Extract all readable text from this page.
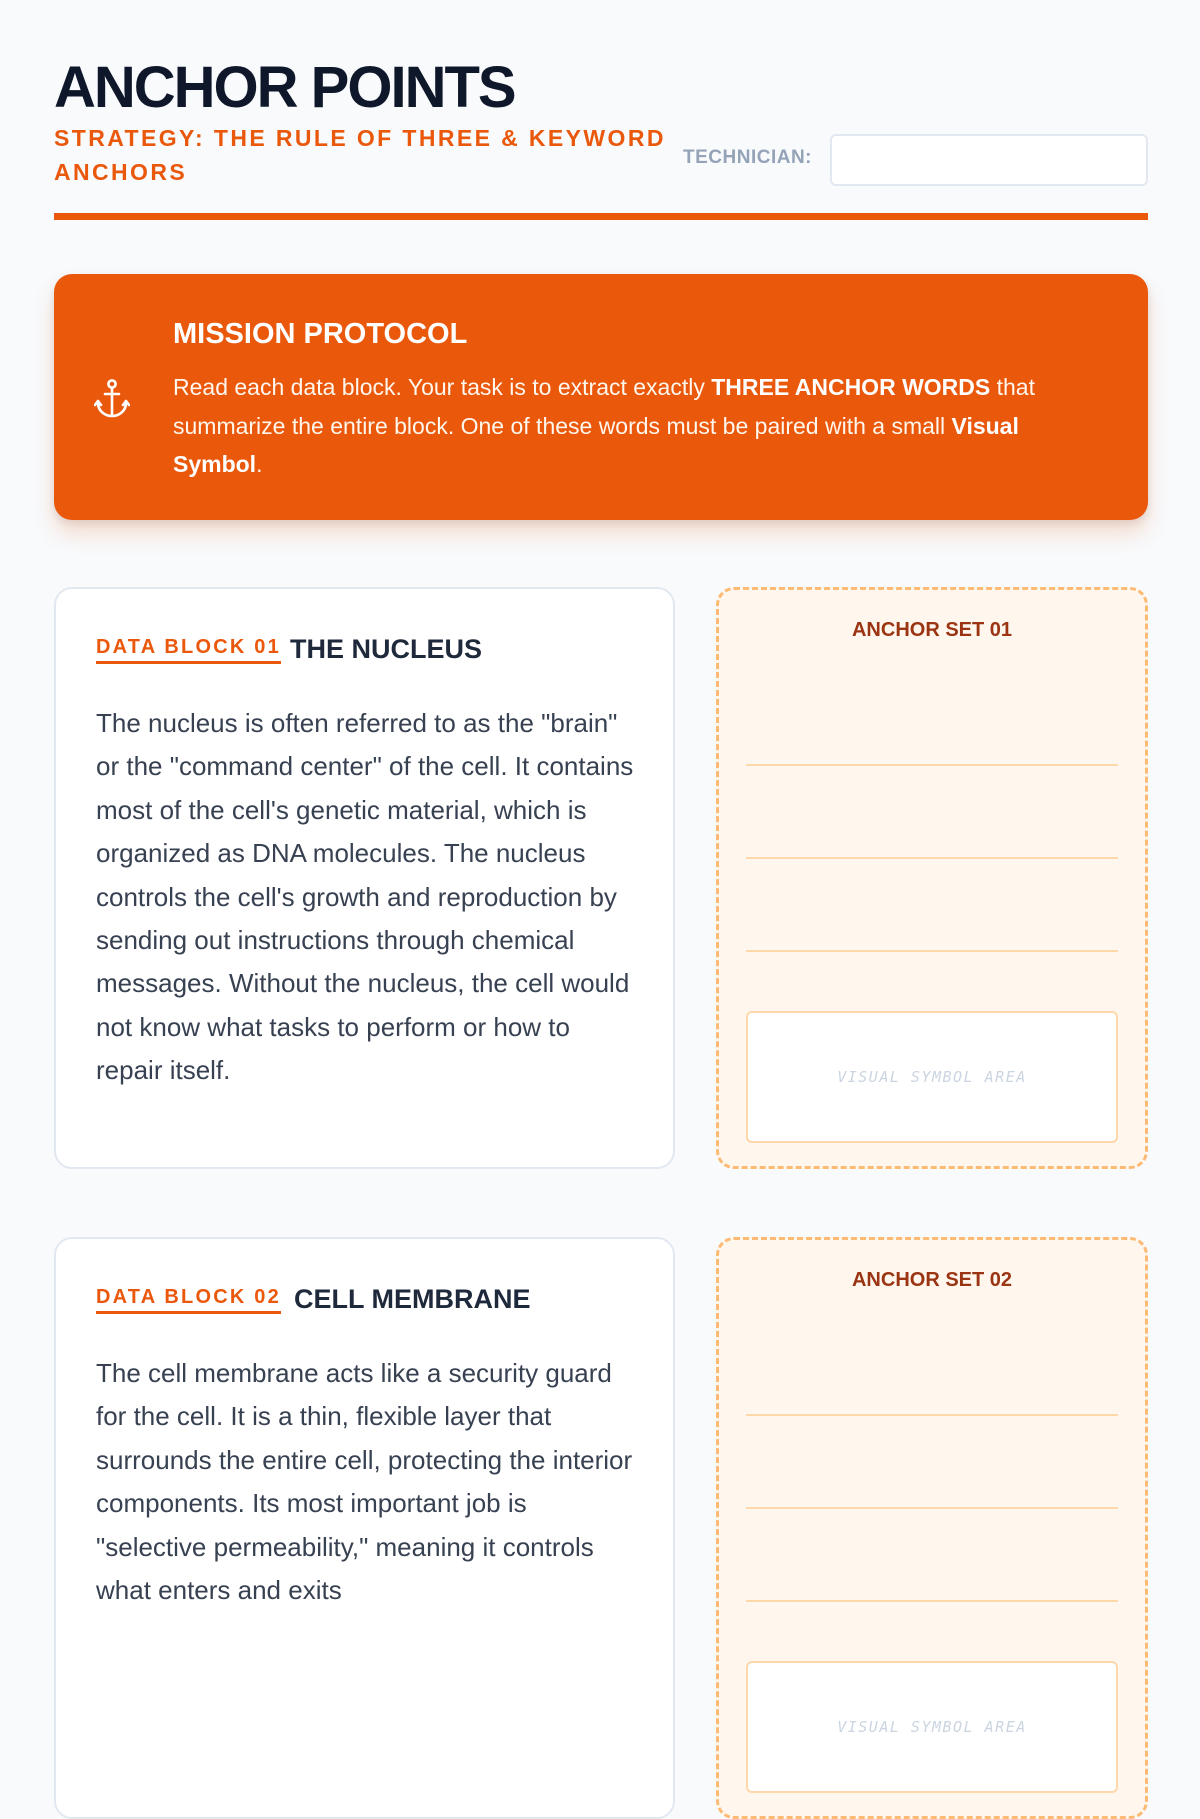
ANCHOR POINTS
STRATEGY: THE RULE OF THREE & KEYWORD ANCHORS
TECHNICIAN:
MISSION PROTOCOL
Read each data block. Your task is to extract exactly THREE ANCHOR WORDS that summarize the entire block. One of these words must be paired with a small Visual Symbol.
DATA BLOCK 01 THE NUCLEUS
The nucleus is often referred to as the "brain" or the "command center" of the cell. It contains most of the cell's genetic material, which is organized as DNA molecules. The nucleus controls the cell's growth and reproduction by sending out instructions through chemical messages. Without the nucleus, the cell would not know what tasks to perform or how to repair itself.
ANCHOR SET 01
VISUAL SYMBOL AREA
DATA BLOCK 02 CELL MEMBRANE
The cell membrane acts like a security guard for the cell. It is a thin, flexible layer that surrounds the entire cell, protecting the interior components. Its most important job is "selective permeability," meaning it controls what enters and exits
ANCHOR SET 02
VISUAL SYMBOL AREA
